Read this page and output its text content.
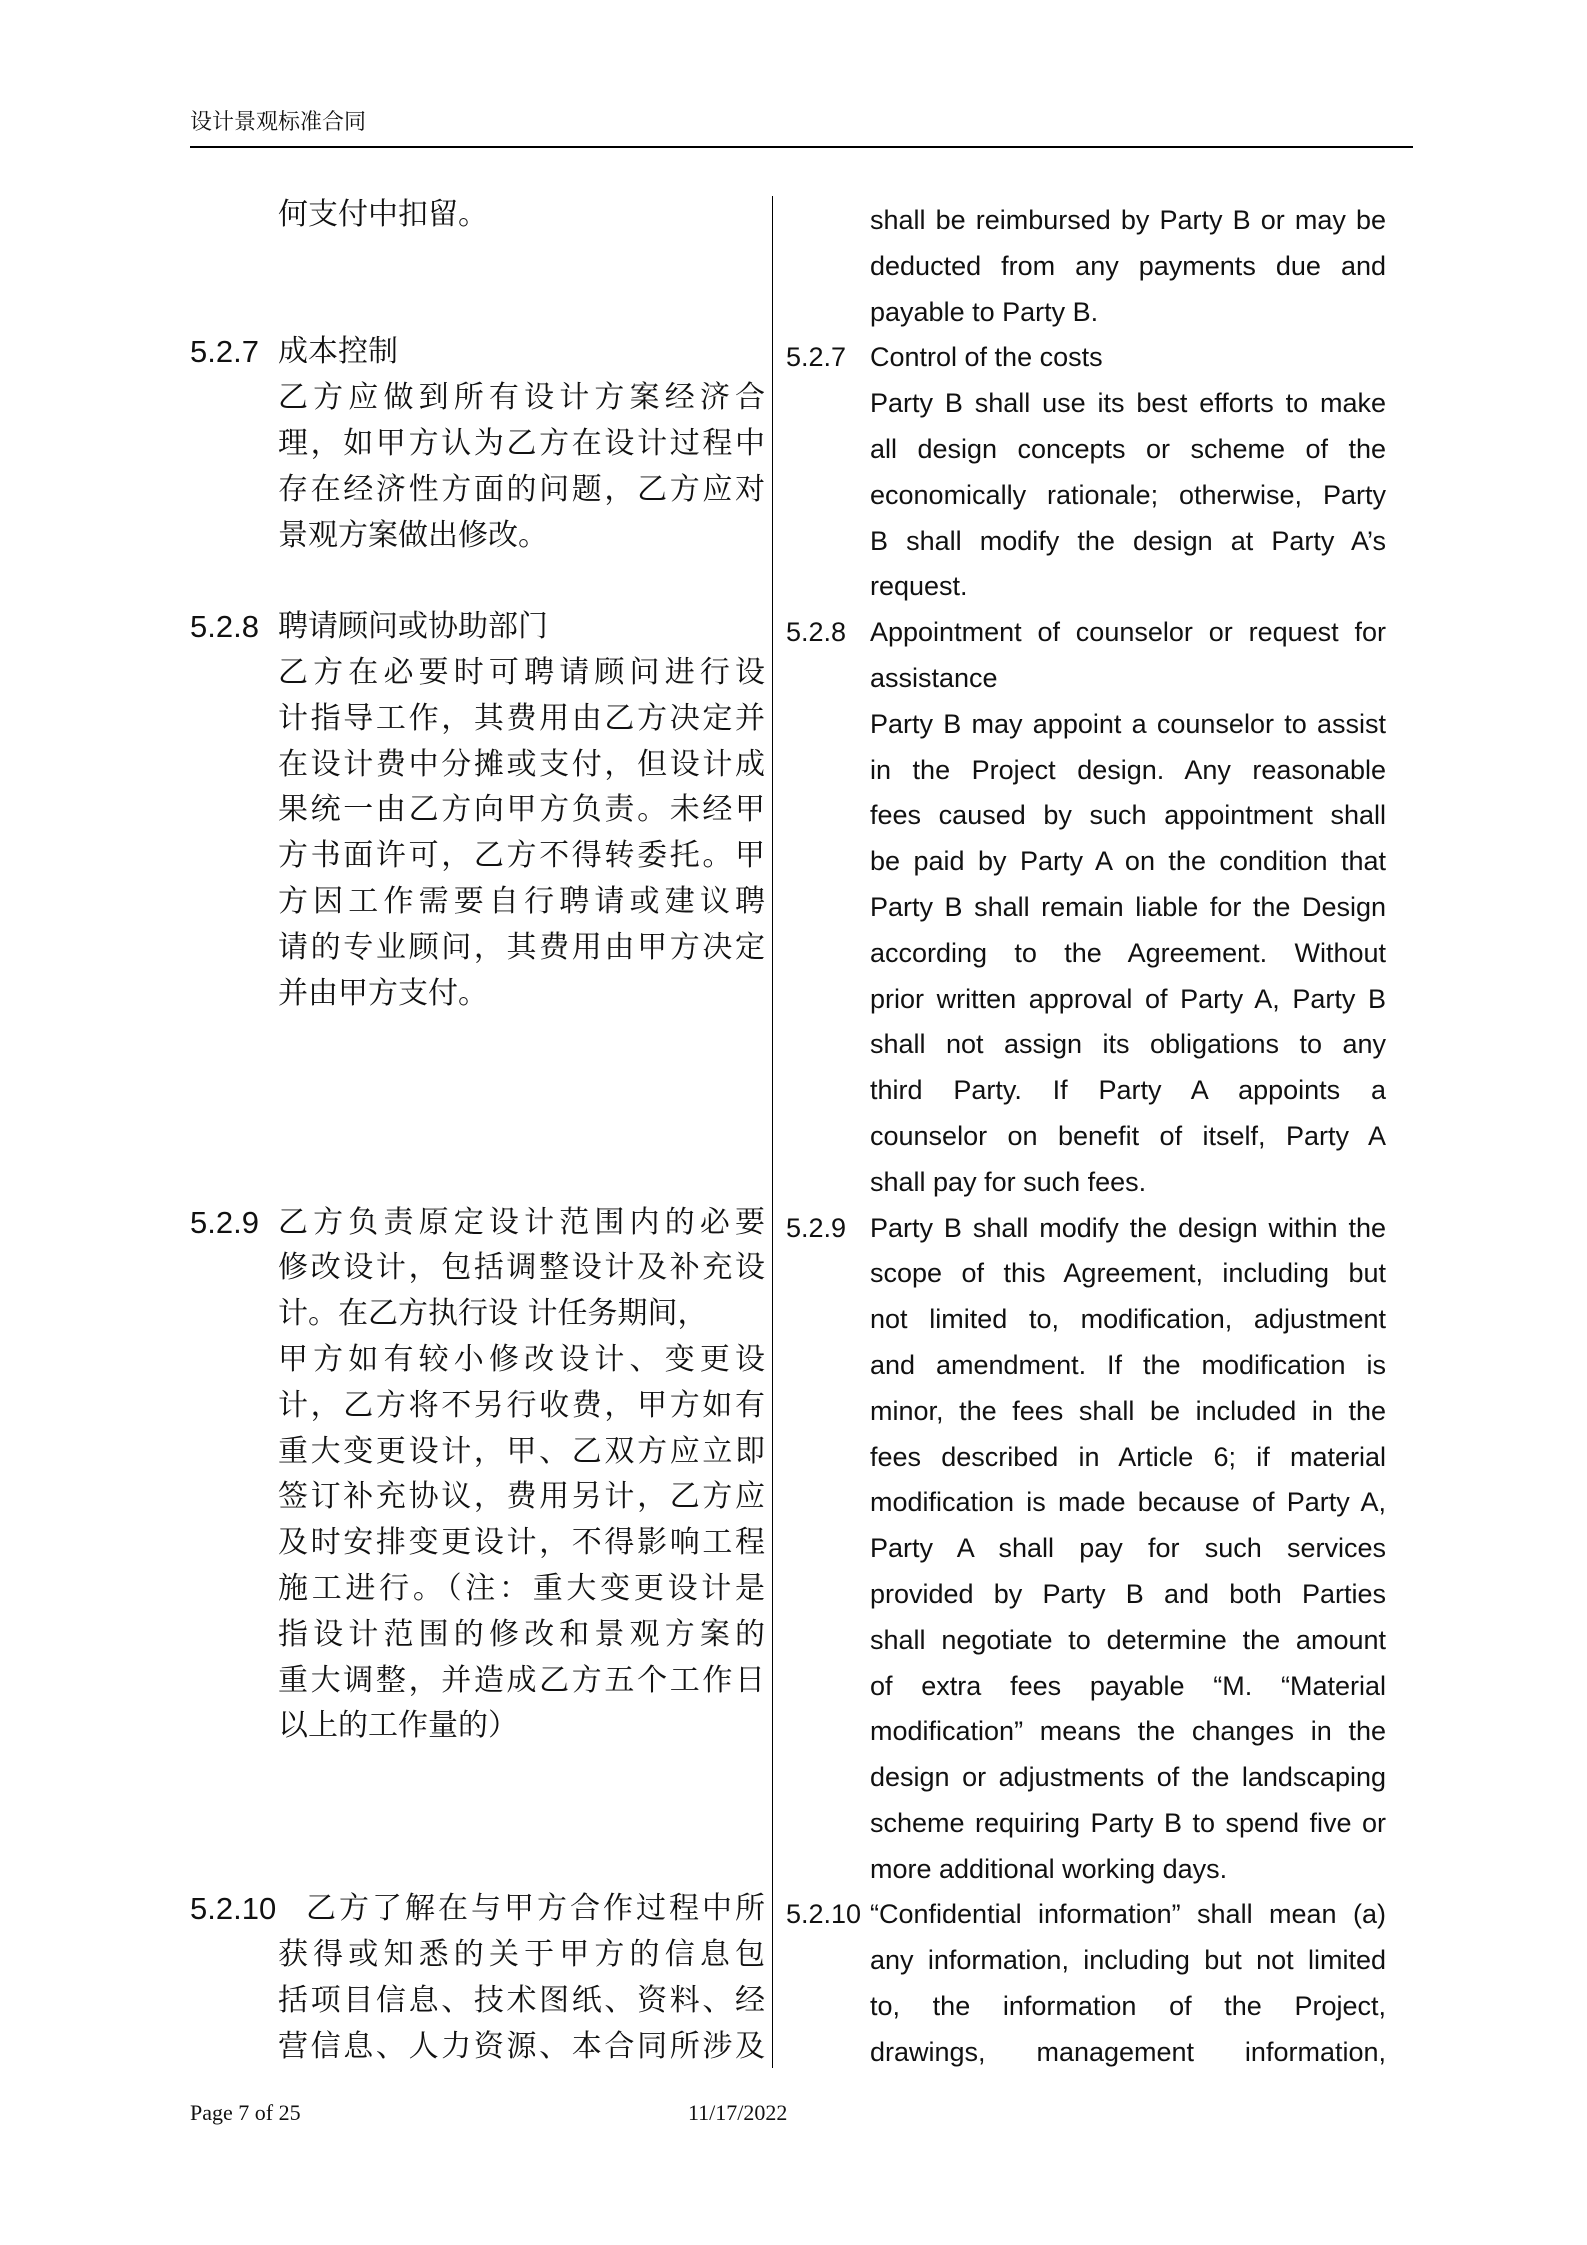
设计景观标准合同
何支付中扣留。
5.2.7 成本控制
乙方应做到所有设计方案经济合
理，如甲方认为乙方在设计过程中
存在经济性方面的问题，乙方应对
景观方案做出修改。
5.2.8 聘请顾问或协助部门
乙方在必要时可聘请顾问进行设
计指导工作，其费用由乙方决定并
在设计费中分摊或支付，但设计成
果统一由乙方向甲方负责。未经甲
方书面许可，乙方不得转委托。甲
方因工作需要自行聘请或建议聘
请的专业顾问，其费用由甲方决定
并由甲方支付。
5.2.9 乙方负责原定设计范围内的必要
修改设计，包括调整设计及补充设
计。在乙方执行设 计任务期间，
甲方如有较小修改设计、变更设
计，乙方将不另行收费，甲方如有
重大变更设计，甲、乙双方应立即
签订补充协议，费用另计，乙方应
及时安排变更设计，不得影响工程
施工进行。（注：重大变更设计是
指设计范围的修改和景观方案的
重大调整，并造成乙方五个工作日
以上的工作量的）
5.2.10 乙方了解在与甲方合作过程中所
获得或知悉的关于甲方的信息包
括项目信息、技术图纸、资料、经
营信息、人力资源、本合同所涉及
shall be reimbursed by Party B or may be
deducted from any payments due and
payable to Party B.
5.2.7 Control of the costs
Party B shall use its best efforts to make
all design concepts or scheme of the
economically rationale; otherwise, Party
B shall modify the design at Party A’s
request.
5.2.8 Appointment of counselor or request for
assistance
Party B may appoint a counselor to assist
in the Project design. Any reasonable
fees caused by such appointment shall
be paid by Party A on the condition that
Party B shall remain liable for the Design
according to the Agreement. Without
prior written approval of Party A, Party B
shall not assign its obligations to any
third Party. If Party A appoints a
counselor on benefit of itself, Party A
shall pay for such fees.
5.2.9 Party B shall modify the design within the
scope of this Agreement, including but
not limited to, modification, adjustment
and amendment. If the modification is
minor, the fees shall be included in the
fees described in Article 6; if material
modification is made because of Party A,
Party A shall pay for such services
provided by Party B and both Parties
shall negotiate to determine the amount
of extra fees payable “M. “Material
modification” means the changes in the
design or adjustments of the landscaping
scheme requiring Party B to spend five or
more additional working days.
5.2.10 “Confidential information” shall mean (a)
any information, including but not limited
to, the information of the Project,
drawings, management information,
Page 7 of 25	11/17/2022
